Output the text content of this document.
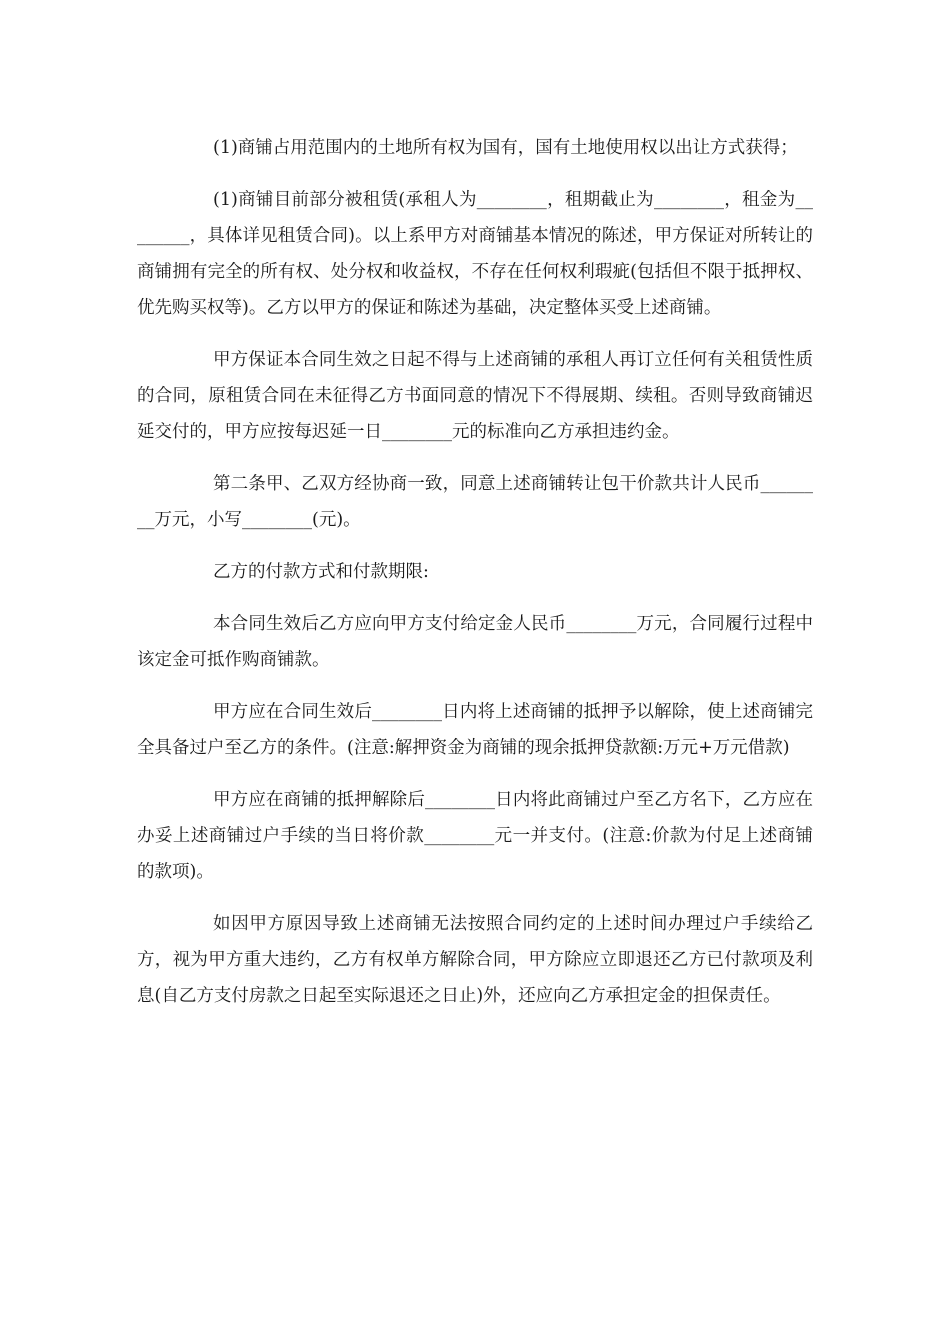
(1)商铺占用范围内的土地所有权为国有，国有土地使用权以出让方式获得；

(1)商铺目前部分被租赁(承租人为________，租期截止为________，租金为________，具体详见租赁合同)。以上系甲方对商铺基本情况的陈述，甲方保证对所转让的商铺拥有完全的所有权、处分权和收益权，不存在任何权利瑕疵(包括但不限于抵押权、优先购买权等)。乙方以甲方的保证和陈述为基础，决定整体买受上述商铺。

甲方保证本合同生效之日起不得与上述商铺的承租人再订立任何有关租赁性质的合同，原租赁合同在未征得乙方书面同意的情况下不得展期、续租。否则导致商铺迟延交付的，甲方应按每迟延一日________元的标准向乙方承担违约金。

第二条甲、乙双方经协商一致，同意上述商铺转让包干价款共计人民币________万元，小写________(元)。

乙方的付款方式和付款期限:

本合同生效后乙方应向甲方支付给定金人民币________万元，合同履行过程中该定金可抵作购商铺款。

甲方应在合同生效后________日内将上述商铺的抵押予以解除，使上述商铺完全具备过户至乙方的条件。(注意:解押资金为商铺的现余抵押贷款额:万元+万元借款)

甲方应在商铺的抵押解除后________日内将此商铺过户至乙方名下，乙方应在办妥上述商铺过户手续的当日将价款________元一并支付。(注意:价款为付足上述商铺的款项)。

如因甲方原因导致上述商铺无法按照合同约定的上述时间办理过户手续给乙方，视为甲方重大违约，乙方有权单方解除合同，甲方除应立即退还乙方已付款项及利息(自乙方支付房款之日起至实际退还之日止)外，还应向乙方承担定金的担保责任。
